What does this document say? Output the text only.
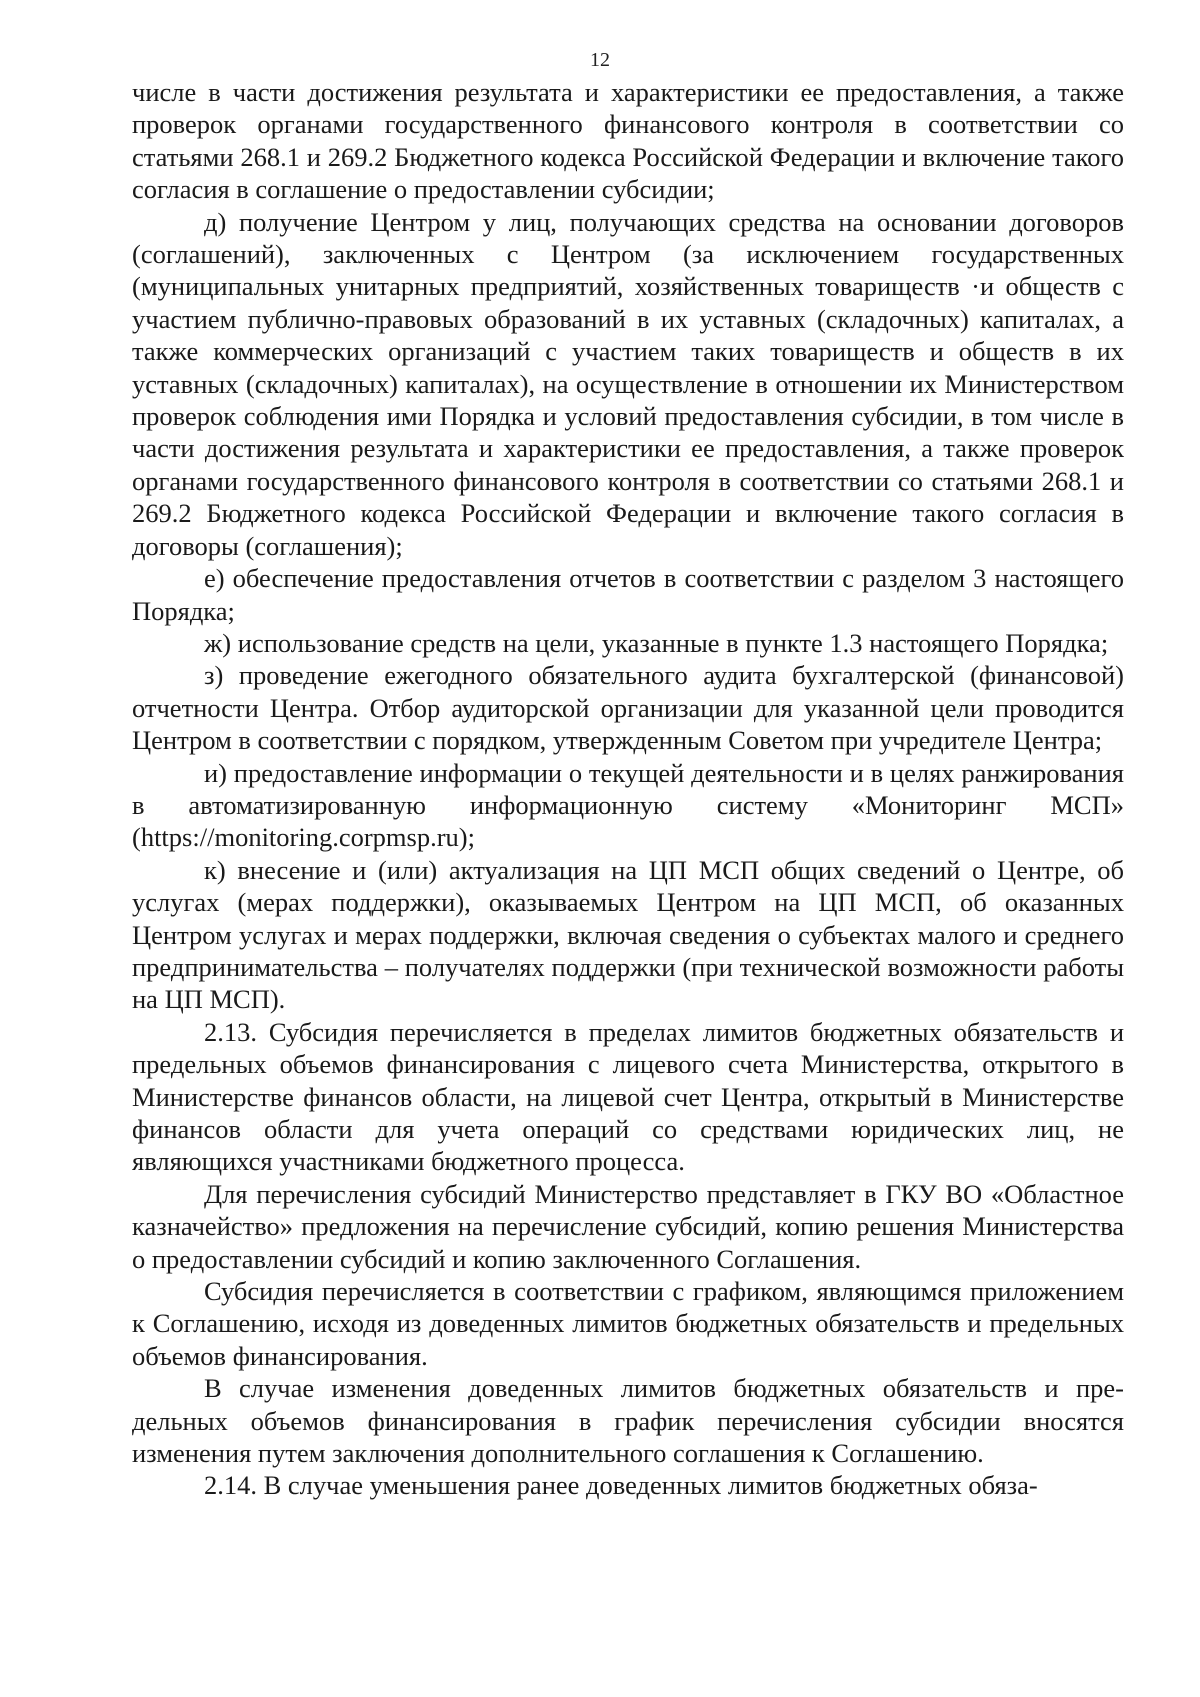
12

числе в части достижения результата и характеристики ее предоставления, а также проверок органами государственного финансового контроля в соответствии со статьями 268.1 и 269.2 Бюджетного кодекса Российской Федерации и включение такого согласия в соглашение о предоставлении субсидии;

д) получение Центром у лиц, получающих средства на основании договоров (соглашений), заключенных с Центром (за исключением государственных (муниципальных унитарных предприятий, хозяйственных товариществ ·и обществ с участием публично-правовых образований в их уставных (складочных) капиталах, а также коммерческих организаций с участием таких товариществ и обществ в их уставных (складочных) капиталах), на осуществление в отношении их Министерством проверок соблюдения ими Порядка и условий предоставления субсидии, в том числе в части достижения результата и характеристики ее предоставления, а также проверок органами государственного финансового контроля в соответствии со статьями 268.1 и 269.2 Бюджетного кодекса Российской Федерации и включение такого согласия в договоры (соглашения);

е) обеспечение предоставления отчетов в соответствии с разделом 3 настоящего Порядка;

ж) использование средств на цели, указанные в пункте 1.3 настоящего Порядка;

з) проведение ежегодного обязательного аудита бухгалтерской (финансовой) отчетности Центра. Отбор аудиторской организации для указанной цели проводится Центром в соответствии с порядком, утвержденным Советом при учредителе Центра;

и) предоставление информации о текущей деятельности и в целях ранжирования в автоматизированную информационную систему «Мониторинг МСП» (https://monitoring.corpmsp.ru);

к) внесение и (или) актуализация на ЦП МСП общих сведений о Центре, об услугах (мерах поддержки), оказываемых Центром на ЦП МСП, об оказанных Центром услугах и мерах поддержки, включая сведения о субъектах малого и среднего предпринимательства – получателях поддержки (при технической возможности работы на ЦП МСП).

2.13. Субсидия перечисляется в пределах лимитов бюджетных обязательств и предельных объемов финансирования с лицевого счета Министерства, открытого в Министерстве финансов области, на лицевой счет Центра, открытый в Министерстве финансов области для учета операций со средствами юридических лиц, не являющихся участниками бюджетного процесса.

Для перечисления субсидий Министерство представляет в ГКУ ВО «Областное казначейство» предложения на перечисление субсидий, копию решения Министерства о предоставлении субсидий и копию заключенного Соглашения.

Субсидия перечисляется в соответствии с графиком, являющимся приложением к Соглашению, исходя из доведенных лимитов бюджетных обязательств и предельных объемов финансирования.

В случае изменения доведенных лимитов бюджетных обязательств и предельных объемов финансирования в график перечисления субсидии вносятся изменения путем заключения дополнительного соглашения к Соглашению.

2.14. В случае уменьшения ранее доведенных лимитов бюджетных обяза-
